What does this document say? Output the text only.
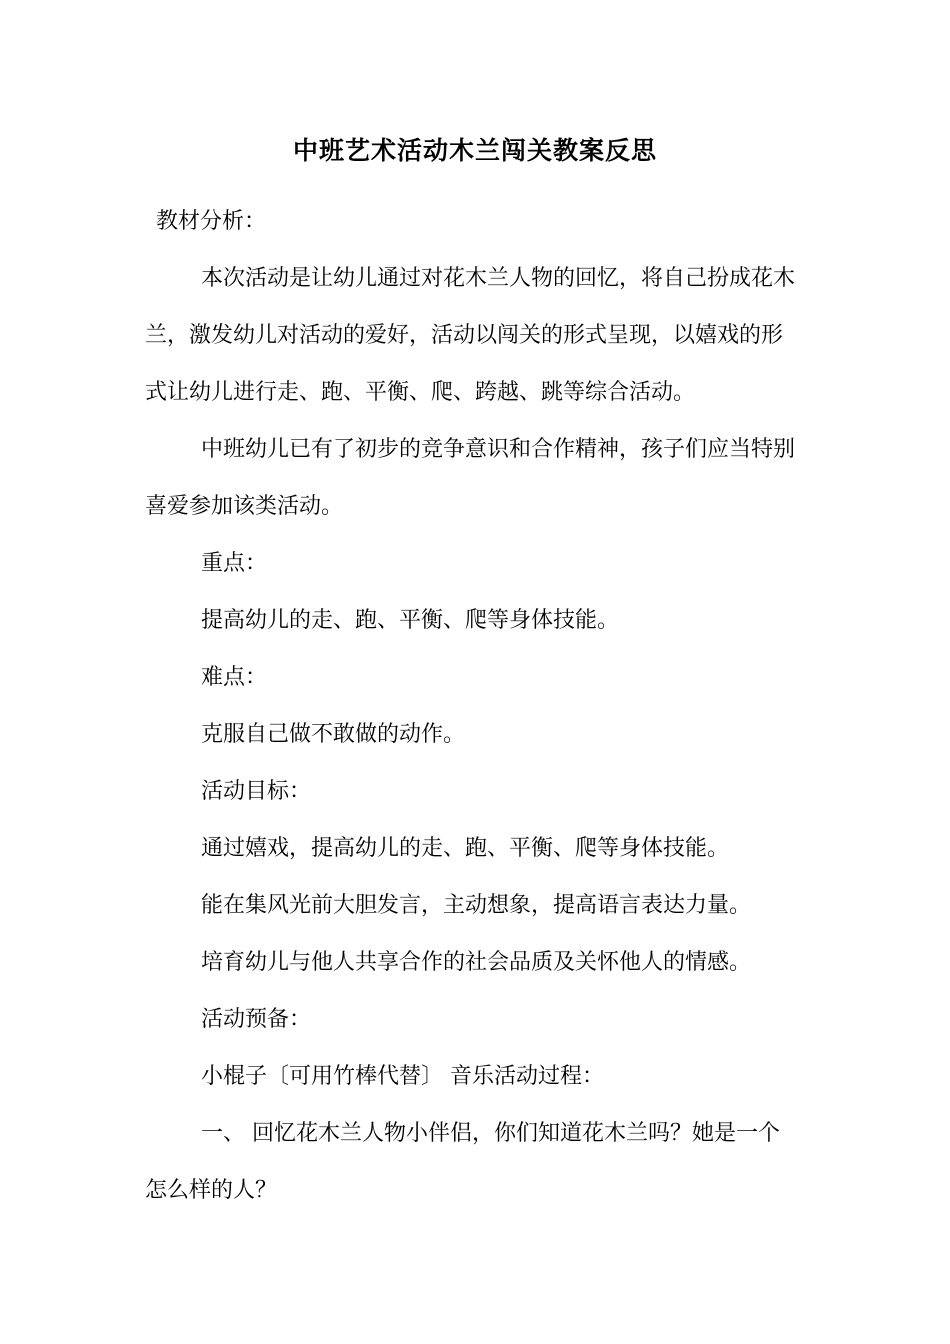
中班艺术活动木兰闯关教案反思

教材分析：

本次活动是让幼儿通过对花木兰人物的回忆，将自己扮成花木

兰，激发幼儿对活动的爱好，活动以闯关的形式呈现，以嬉戏的形

式让幼儿进行走、跑、平衡、爬、跨越、跳等综合活动。

中班幼儿已有了初步的竞争意识和合作精神，孩子们应当特别

喜爱参加该类活动。

重点：

提高幼儿的走、跑、平衡、爬等身体技能。

难点：

克服自己做不敢做的动作。

活动目标：

通过嬉戏，提高幼儿的走、跑、平衡、爬等身体技能。

能在集风光前大胆发言，主动想象，提高语言表达力量。

培育幼儿与他人共享合作的社会品质及关怀他人的情感。

活动预备：

小棍子〔可用竹棒代替〕 音乐活动过程：

一、 回忆花木兰人物小伴侣，你们知道花木兰吗？她是一个

怎么样的人？
